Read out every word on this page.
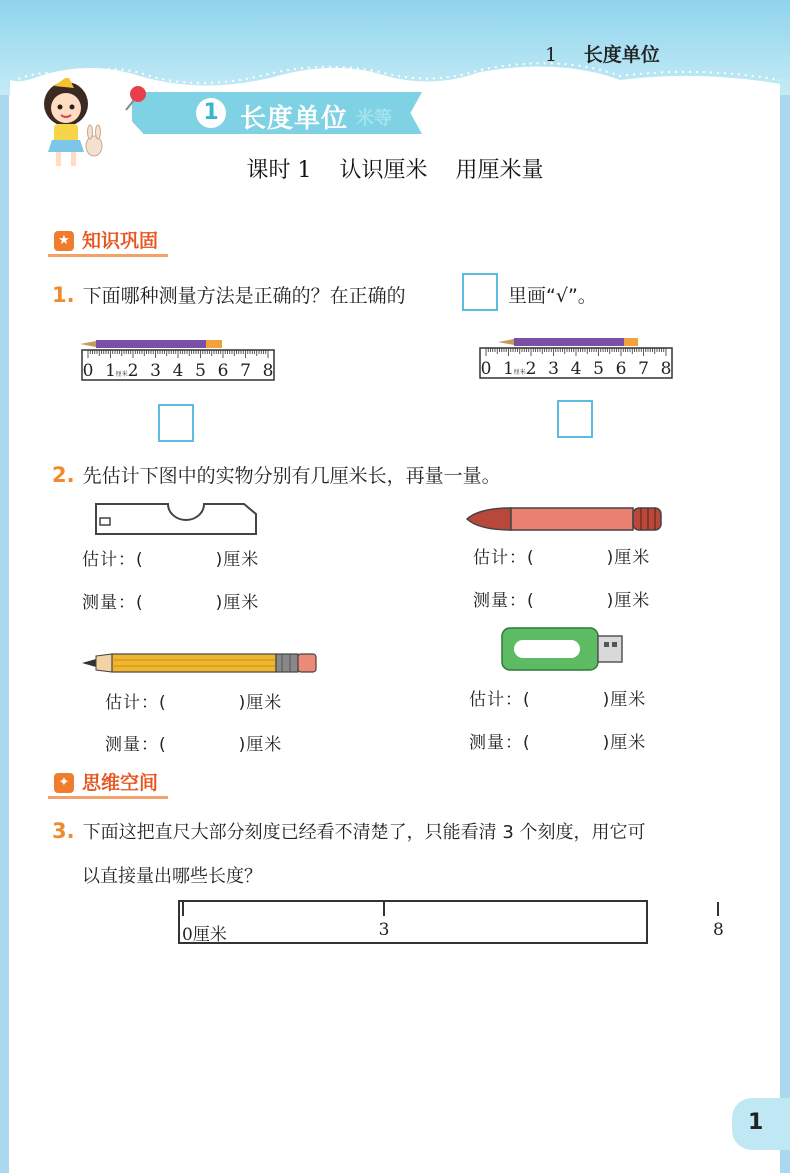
1 长度单位
1 长度单位 米等
课时 1 认识厘米 用厘米量
★ 知识巩固
1. 下面哪种测量方法是正确的？在正确的	里画“√”。
0 1 2 3 4 5 6 7 8
厘米	0 1 2 3 4 5 6 7 8
厘米
2. 先估计下图中的实物分别有几厘米长，再量一量。
估计：(	)厘米
测量：(	)厘米
估计：(	)厘米
测量：(	)厘米
估计：(	)厘米
测量：(	)厘米
估计：(	)厘米
测量：(	)厘米
✦ 思维空间
3. 下面这把直尺大部分刻度已经看不清楚了，只能看清 3 个刻度，用它可
以直接量出哪些长度？
0厘米	3	8
1
